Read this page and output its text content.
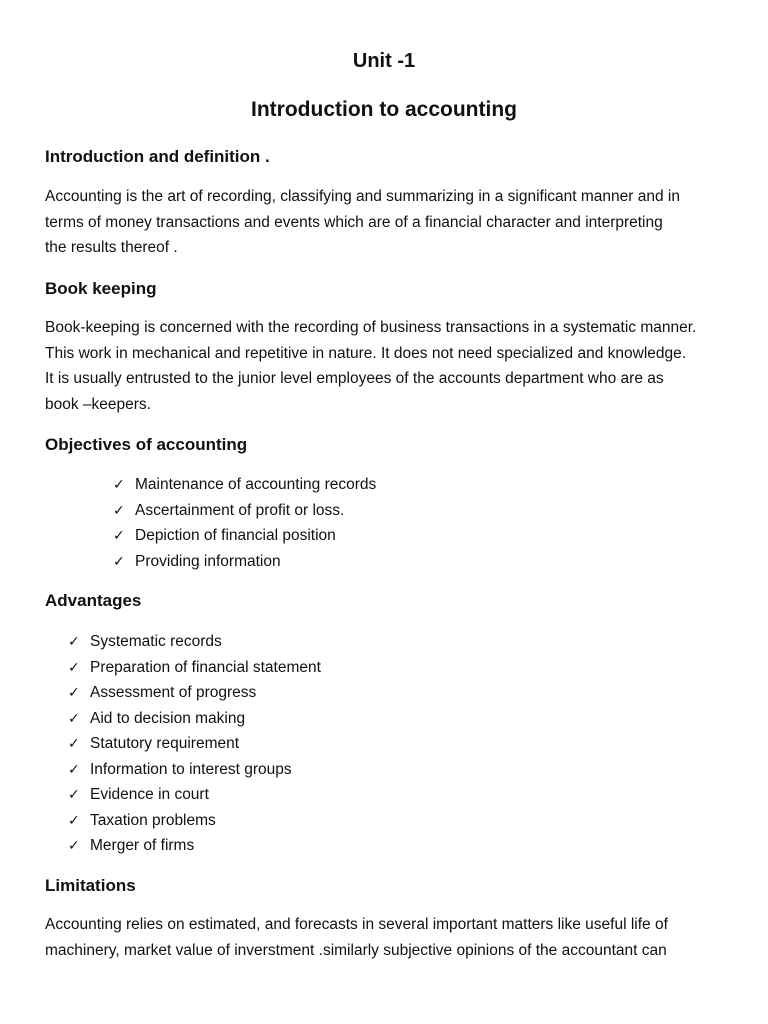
Unit -1
Introduction to accounting
Introduction and definition .

Accounting is the art of recording, classifying and summarizing in a significant manner and in
terms of money transactions and events which are of a financial character and interpreting
the results thereof .

Book keeping

Book-keeping is concerned with the recording of business transactions in a systematic manner.
This work in mechanical and repetitive in nature. It does not need specialized and knowledge.
It is usually entrusted to the junior level employees of the accounts department who are as
book –keepers.

Objectives of accounting
✓ Maintenance of accounting records
✓ Ascertainment of profit or loss.
✓ Depiction of financial position
✓ Providing information
Advantages
✓ Systematic records
✓ Preparation of financial statement
✓ Assessment of progress
✓ Aid to decision making
✓ Statutory requirement
✓ Information to interest groups
✓ Evidence in court
✓ Taxation problems
✓ Merger of firms
Limitations

Accounting relies on estimated, and forecasts in several important matters like useful life of
machinery, market value of inverstment .similarly subjective opinions of the accountant can
